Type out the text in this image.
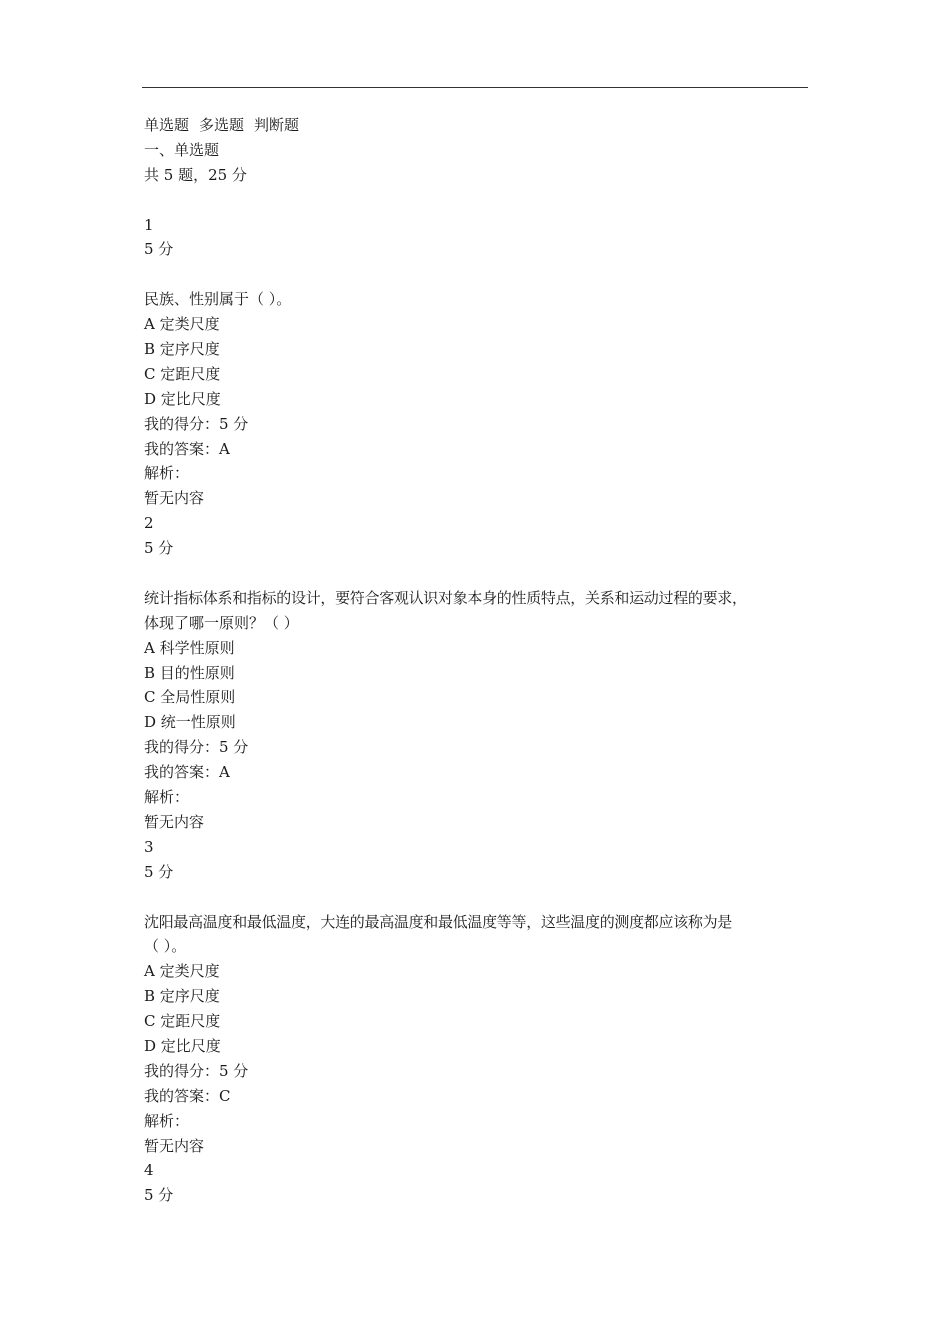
单选题 多选题 判断题
一、单选题
共 5 题，25 分
1
5 分
民族、性别属于（ ）。
A 定类尺度
B 定序尺度
C 定距尺度
D 定比尺度
我的得分：5 分
我的答案：A
解析：
暂无内容
2
5 分
统计指标体系和指标的设计，要符合客观认识对象本身的性质特点，关系和运动过程的要求，
体现了哪一原则？（ ）
A 科学性原则
B 目的性原则
C 全局性原则
D 统一性原则
我的得分：5 分
我的答案：A
解析：
暂无内容
3
5 分
沈阳最高温度和最低温度，大连的最高温度和最低温度等等，这些温度的测度都应该称为是
（ ）。
A 定类尺度
B 定序尺度
C 定距尺度
D 定比尺度
我的得分：5 分
我的答案：C
解析：
暂无内容
4
5 分
